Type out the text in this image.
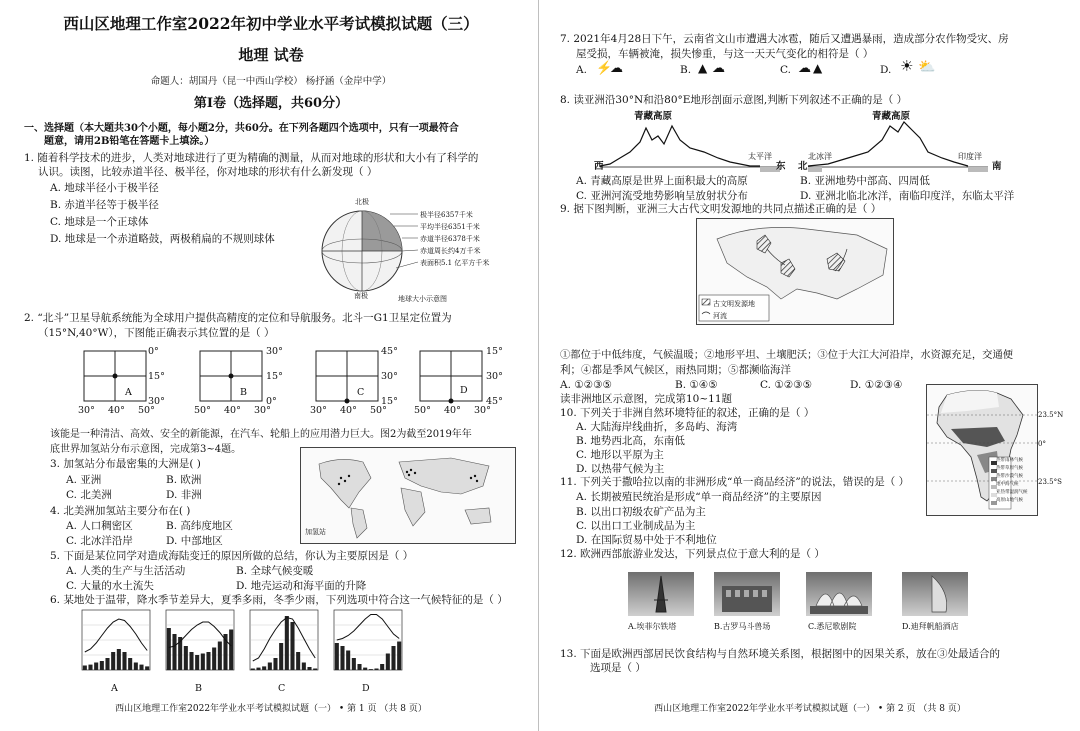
西山区地理工作室2022年初中学业水平考试模拟试题（三）
地理 试卷
命题人：胡国丹（昆一中西山学校） 杨抒涵（金岸中学）
第Ⅰ卷（选择题，共60分）
一、选择题（本大题共30个小题，每小题2分，共60分。在下列各题四个选项中，只有一项最符合
题意，请用2B铅笔在答题卡上填涂。）
1. 随着科学技术的进步，人类对地球进行了更为精确的测量，从而对地球的形状和大小有了科学的
认识。读图，比较赤道半径、极半径，你对地球的形状有什么新发现（ ）
A. 地球半径小于极半径
B. 赤道半径等于极半径
C. 地球是一个正球体
D. 地球是一个赤道略鼓，两极稍扁的不规则球体
北极
南极
极半径6357千米
平均半径6351千米
赤道半径6378千米
赤道周长约4万千米
表面积5.1 亿平方千米
地球大小示意图
2. “北斗”卫星导航系统能为全球用户提供高精度的定位和导航服务。北斗一G1卫星定位置为
（15°N,40°W），下图能正确表示其位置的是（ ）
A
0°
15°
30°
30° 40° 50°
B
30°
15°
0°
50° 40° 30°
C
45°
30°
15°
30° 40° 50°
D
15°
30°
45°
50° 40° 30°
该能是一种清洁、高效、安全的新能源，在汽车、轮船上的应用潜力巨大。图2为截至2019年年
底世界加氢站分布示意图，完成第3~4题。
加氢站
3. 加氢站分布最密集的大洲是( )
A. 亚洲	B. 欧洲
C. 北美洲	D. 非洲
4. 北美洲加氢站主要分布在( )
A. 人口稠密区	B. 高纬度地区
C. 北冰洋沿岸	D. 中部地区
5. 下面是某位同学对造成海陆变迁的原因所做的总结，你认为主要原因是（ ）
A. 人类的生产与生活活动	B. 全球气候变暖
C. 大量的水土流失	D. 地壳运动和海平面的升降
6. 某地处于温带，降水季节差异大，夏季多雨，冬季少雨，下列选项中符合这一气候特征的是（ ）
A	B	C	D
西山区地理工作室2022年学业水平考试模拟试题（一） • 第 1 页 （共 8 页）
7. 2021年4月28日下午，云南省文山市遭遇大冰雹，随后又遭遇暴雨，造成部分农作物受灾、房
屋受损，车辆被淹，损失惨重，与这一天天气变化的相符是（ ）
A. ⚡
☁	B. ▲ ☁	C. ☁ ▲	D. ☀ ⛅
8. 读亚洲沿30°N和沿80°E地形剖面示意图,判断下列叙述不正确的是（ ）
青藏高原
西	东
太平洋
青藏高原
北	南
北冰洋	印度洋
A. 青藏高原是世界上面积最大的高原	B. 亚洲地势中部高、四周低
C. 亚洲河流受地势影响呈放射状分布	D. 亚洲北临北冰洋，南临印度洋，东临太平洋
9. 据下图判断，亚洲三大古代文明发源地的共同点描述正确的是（ ）
古文明发源地
河流
①都位于中低纬度，气候温暖；②地形平坦、土壤肥沃；③位于大江大河沿岸，水资源充足，交通便
利；④都是季风气候区，雨热同期；⑤都濒临海洋
A. ①②③⑤	B. ①④⑤	C. ①②③⑤	D. ①②③④
23.5°N
0°
23.5°S
热带雨林气候
热带草原气候
热带沙漠气候
地中海气候
亚热带湿润气候
高原山地气候
读非洲地区示意图，完成第10~11题
10. 下列关于非洲自然环境特征的叙述，正确的是（ ）
A. 大陆海岸线曲折，多岛屿、海湾
B. 地势西北高，东南低
C. 地形以平原为主
D. 以热带气候为主
11. 下列关于撒哈拉以南的非洲形成“单一商品经济”的说法，错误的是（ ）
A. 长期被殖民统治是形成“单一商品经济”的主要原因
B. 以出口初级农矿产品为主
C. 以出口工业制成品为主
D. 在国际贸易中处于不利地位
12. 欧洲西部旅游业发达，下列景点位于意大利的是（ ）
A.埃菲尔铁塔	B.古罗马斗兽场	C.悉尼歌剧院	D.迪拜帆船酒店
13. 下面是欧洲西部居民饮食结构与自然环境关系图，根据图中的因果关系，放在③处最适合的
选项是（ ）
西山区地理工作室2022年学业水平考试模拟试题（一） • 第 2 页 （共 8 页）
